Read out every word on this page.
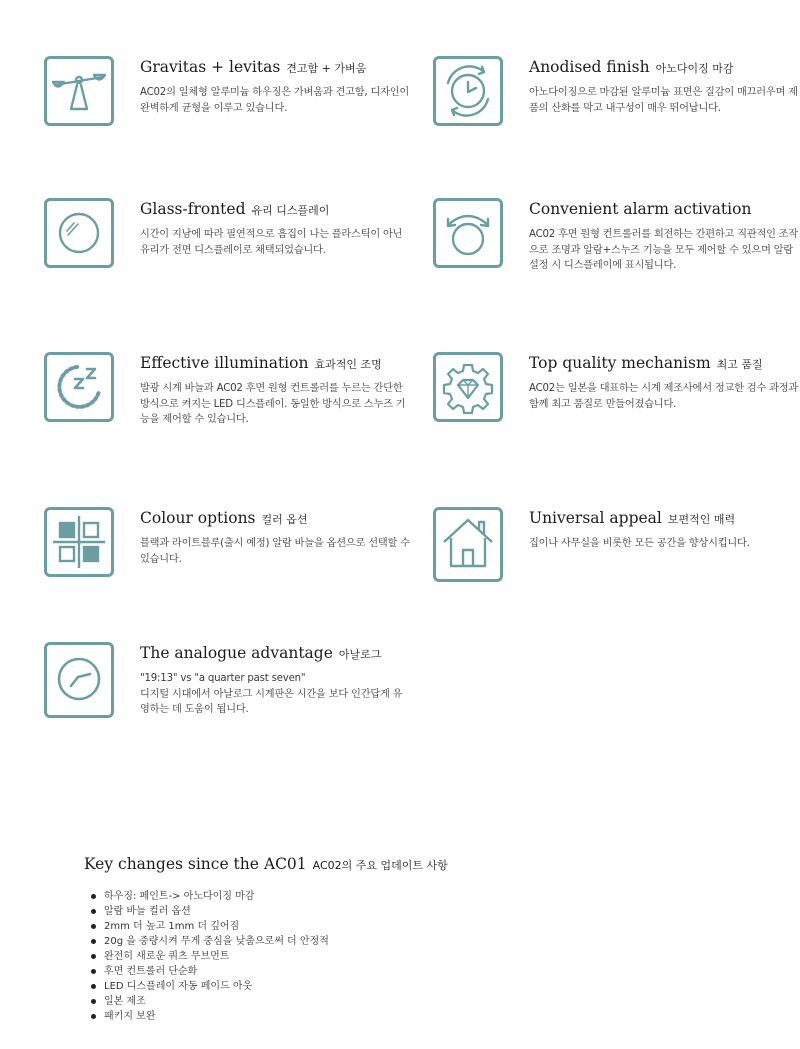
Gravitas + levitas 견고함 + 가벼움

AC02의 일체형 알루미늄 하우징은 가벼움과 견고함, 디자인이 완벽하게 균형을 이루고 있습니다.

Anodised finish 아노다이징 마감

아노다이징으로 마감된 알루미늄 표면은 질감이 매끄러우며 제품의 산화를 막고 내구성이 매우 뛰어납니다.

Glass-fronted 유리 디스플레이

시간이 지남에 따라 필연적으로 흠집이 나는 플라스틱이 아닌 유리가 전면 디스플레이로 채택되었습니다.

Convenient alarm activation

AC02 후면 원형 컨트롤러를 회전하는 간편하고 직관적인 조작으로 조명과 알람+스누즈 기능을 모두 제어할 수 있으며 알람 설정 시 디스플레이에 표시됩니다.

Effective illumination 효과적인 조명

발광 시계 바늘과 AC02 후면 원형 컨트롤러를 누르는 간단한 방식으로 켜지는 LED 디스플레이. 동일한 방식으로 스누즈 기능을 제어할 수 있습니다.

Top quality mechanism 최고 품질

AC02는 일본을 대표하는 시계 제조사에서 정교한 검수 과정과 함께 최고 품질로 만들어졌습니다.

Colour options 컬러 옵션

블랙과 라이트블루(출시 예정) 알람 바늘을 옵션으로 선택할 수 있습니다.

Universal appeal 보편적인 매력

집이나 사무실을 비롯한 모든 공간을 향상시킵니다.

The analogue advantage 아날로그

"19:13" vs "a quarter past seven"
디지털 시대에서 아날로그 시계판은 시간을 보다 인간답게 유영하는 데 도움이 됩니다.

Key changes since the AC01 AC02의 주요 업데이트 사항
하우징: 페인트-> 아노다이징 마감
알람 바늘 컬러 옵션
2mm 더 높고 1mm 더 깊어짐
20g 을 중량시켜 무게 중심을 낮춤으로써 더 안정적
완전히 새로운 쿼츠 무브먼트
후면 컨트롤러 단순화
LED 디스플레이 자동 페이드 아웃
일본 제조
패키지 보완
